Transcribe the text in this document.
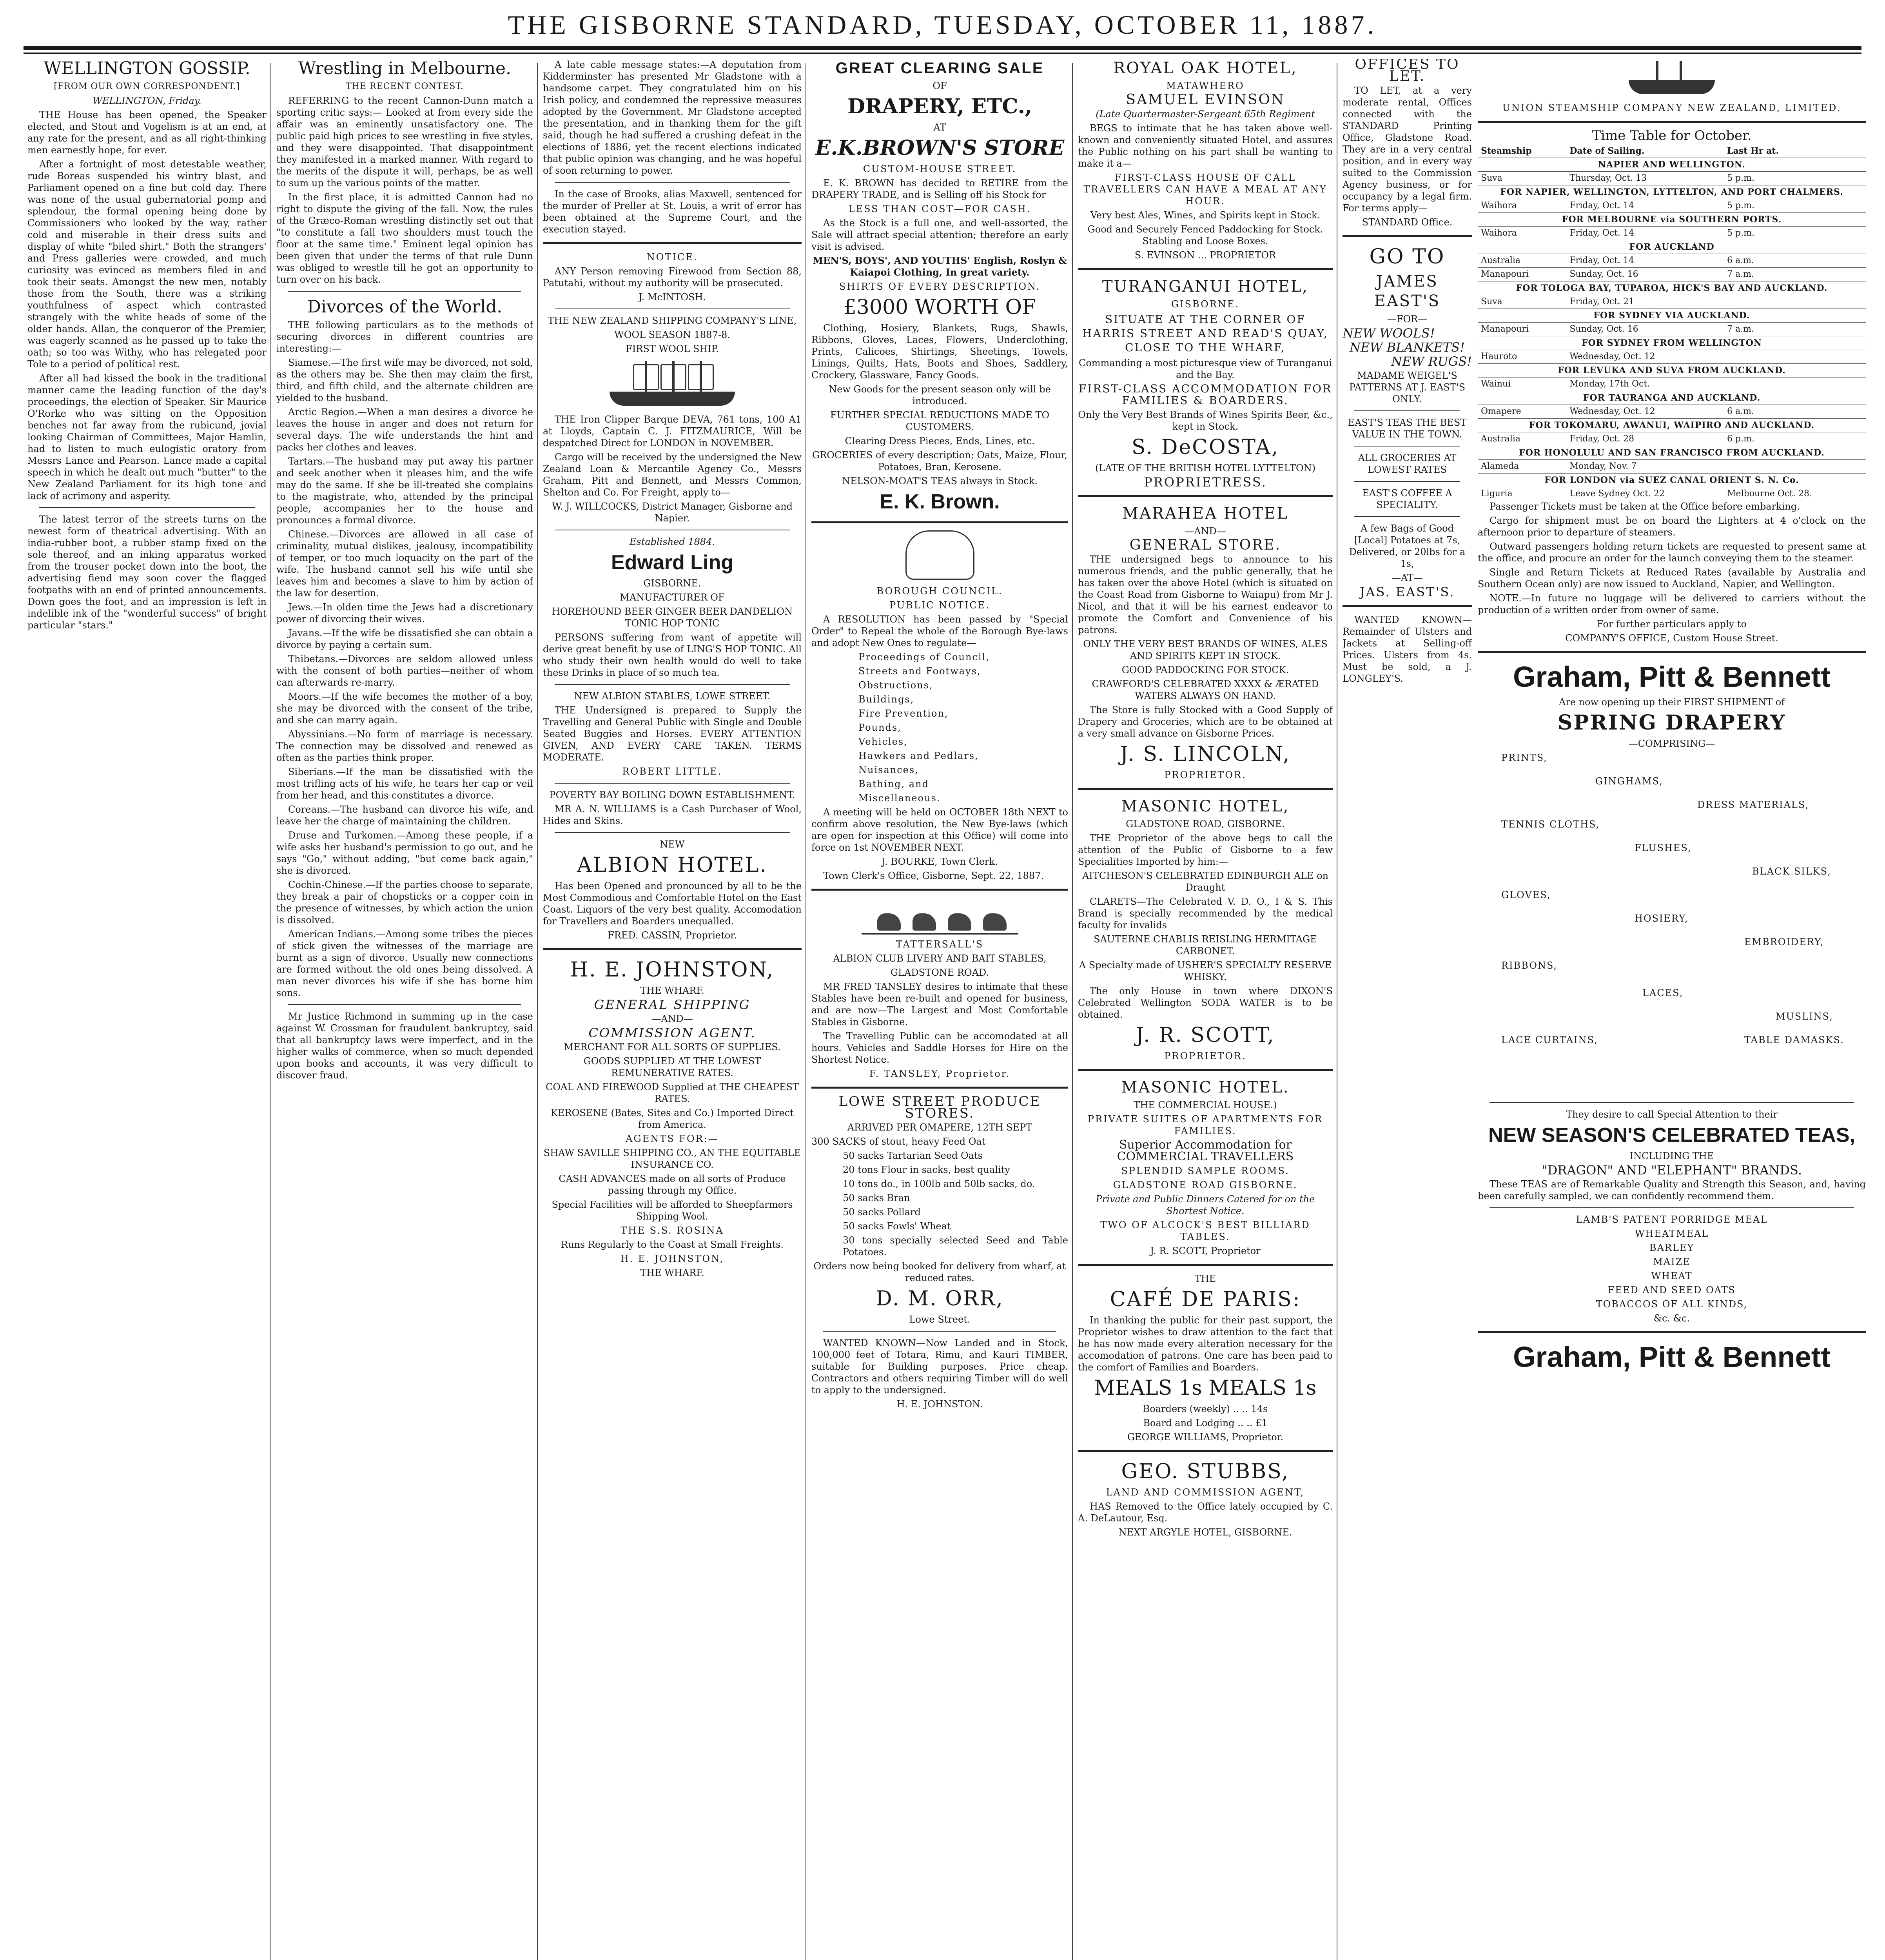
THE GISBORNE STANDARD, TUESDAY, OCTOBER 11, 1887.

WELLINGTON GOSSIP.

[FROM OUR OWN CORRESPONDENT.]

WELLINGTON, Friday.

THE House has been opened, the Speaker elected, and Stout and Vogelism is at an end, at any rate for the present, and as all right-thinking men earnestly hope, for ever.

After a fortnight of most detestable weather, rude Boreas suspended his wintry blast, and Parliament opened on a fine but cold day. There was none of the usual gubernatorial pomp and splendour, the formal opening being done by Commissioners who looked by the way, rather cold and miserable in their dress suits and display of white "biled shirt." Both the strangers' and Press galleries were crowded, and much curiosity was evinced as members filed in and took their seats. Amongst the new men, notably those from the South, there was a striking youthfulness of aspect which contrasted strangely with the white heads of some of the older hands. Allan, the conqueror of the Premier, was eagerly scanned as he passed up to take the oath; so too was Withy, who has relegated poor Tole to a period of political rest.

After all had kissed the book in the traditional manner came the leading function of the day's proceedings, the election of Speaker. Sir Maurice O'Rorke who was sitting on the Opposition benches not far away from the rubicund, jovial looking Chairman of Committees, Major Hamlin, had to listen to much eulogistic oratory from Messrs Lance and Pearson. Lance made a capital speech in which he dealt out much "butter" to the New Zealand Parliament for its high tone and lack of acrimony and asperity.

The latest terror of the streets turns on the newest form of theatrical advertising. With an india-rubber boot, a rubber stamp fixed on the sole thereof, and an inking apparatus worked from the trouser pocket down into the boot, the advertising fiend may soon cover the flagged footpaths with an end of printed announcements. Down goes the foot, and an impression is left in indelible ink of the "wonderful success" of bright particular "stars."

Wrestling in Melbourne.

THE RECENT CONTEST.

REFERRING to the recent Cannon-Dunn match a sporting critic says:— Looked at from every side the affair was an eminently unsatisfactory one. The public paid high prices to see wrestling in five styles, and they were disappointed. That disappointment they manifested in a marked manner. With regard to the merits of the dispute it will, perhaps, be as well to sum up the various points of the matter.

In the first place, it is admitted Cannon had no right to dispute the giving of the fall. Now, the rules of the Græco-Roman wrestling distinctly set out that "to constitute a fall two shoulders must touch the floor at the same time." Eminent legal opinion has been given that under the terms of that rule Dunn was obliged to wrestle till he got an opportunity to turn over on his back.

Divorces of the World.

THE following particulars as to the methods of securing divorces in different countries are interesting:—

Siamese.—The first wife may be divorced, not sold, as the others may be. She then may claim the first, third, and fifth child, and the alternate children are yielded to the husband.

Arctic Region.—When a man desires a divorce he leaves the house in anger and does not return for several days. The wife understands the hint and packs her clothes and leaves.

Tartars.—The husband may put away his partner and seek another when it pleases him, and the wife may do the same. If she be ill-treated she complains to the magistrate, who, attended by the principal people, accompanies her to the house and pronounces a formal divorce.

Chinese.—Divorces are allowed in all case of criminality, mutual dislikes, jealousy, incompatibility of temper, or too much loquacity on the part of the wife. The husband cannot sell his wife until she leaves him and becomes a slave to him by action of the law for desertion.

Jews.—In olden time the Jews had a discretionary power of divorcing their wives.

Javans.—If the wife be dissatisfied she can obtain a divorce by paying a certain sum.

Thibetans.—Divorces are seldom allowed unless with the consent of both parties—neither of whom can afterwards re-marry.

Moors.—If the wife becomes the mother of a boy, she may be divorced with the consent of the tribe, and she can marry again.

Abyssinians.—No form of marriage is necessary. The connection may be dissolved and renewed as often as the parties think proper.

Siberians.—If the man be dissatisfied with the most trifling acts of his wife, he tears her cap or veil from her head, and this constitutes a divorce.

Coreans.—The husband can divorce his wife, and leave her the charge of maintaining the children.

Druse and Turkomen.—Among these people, if a wife asks her husband's permission to go out, and he says "Go," without adding, "but come back again," she is divorced.

Cochin-Chinese.—If the parties choose to separate, they break a pair of chopsticks or a copper coin in the presence of witnesses, by which action the union is dissolved.

American Indians.—Among some tribes the pieces of stick given the witnesses of the marriage are burnt as a sign of divorce. Usually new connections are formed without the old ones being dissolved. A man never divorces his wife if she has borne him sons.

Mr Justice Richmond in summing up in the case against W. Crossman for fraudulent bankruptcy, said that all bankruptcy laws were imperfect, and in the higher walks of commerce, when so much depended upon books and accounts, it was very difficult to discover fraud.

A late cable message states:—A deputation from Kidderminster has presented Mr Gladstone with a handsome carpet. They congratulated him on his Irish policy, and condemned the repressive measures adopted by the Government. Mr Gladstone accepted the presentation, and in thanking them for the gift said, though he had suffered a crushing defeat in the elections of 1886, yet the recent elections indicated that public opinion was changing, and he was hopeful of soon returning to power.

In the case of Brooks, alias Maxwell, sentenced for the murder of Preller at St. Louis, a writ of error has been obtained at the Supreme Court, and the execution stayed.

NOTICE.

ANY Person removing Firewood from Section 88, Patutahi, without my authority will be prosecuted.

J. McINTOSH.

THE NEW ZEALAND SHIPPING COMPANY'S LINE,

WOOL SEASON 1887-8.

FIRST WOOL SHIP.

THE Iron Clipper Barque DEVA, 761 tons, 100 A1 at Lloyds, Captain C. J. FITZMAURICE, Will be despatched Direct for LONDON in NOVEMBER.

Cargo will be received by the undersigned the New Zealand Loan & Mercantile Agency Co., Messrs Graham, Pitt and Bennett, and Messrs Common, Shelton and Co. For Freight, apply to—

W. J. WILLCOCKS, District Manager, Gisborne and Napier.

Established 1884.

Edward Ling

GISBORNE.

MANUFACTURER OF

HOREHOUND BEER GINGER BEER DANDELION TONIC HOP TONIC

PERSONS suffering from want of appetite will derive great benefit by use of LING'S HOP TONIC. All who study their own health would do well to take these Drinks in place of so much tea.

NEW ALBION STABLES, LOWE STREET.

THE Undersigned is prepared to Supply the Travelling and General Public with Single and Double Seated Buggies and Horses. EVERY ATTENTION GIVEN, AND EVERY CARE TAKEN. TERMS MODERATE.

ROBERT LITTLE.

POVERTY BAY BOILING DOWN ESTABLISHMENT.

MR A. N. WILLIAMS is a Cash Purchaser of Wool, Hides and Skins.

NEW

ALBION HOTEL.

Has been Opened and pronounced by all to be the Most Commodious and Comfortable Hotel on the East Coast. Liquors of the very best quality. Accomodation for Travellers and Boarders unequalled.

FRED. CASSIN, Proprietor.

H. E. JOHNSTON,

THE WHARF.

GENERAL SHIPPING

—AND—

COMMISSION AGENT.

MERCHANT FOR ALL SORTS OF SUPPLIES.

GOODS SUPPLIED AT THE LOWEST REMUNERATIVE RATES.

COAL AND FIREWOOD Supplied at THE CHEAPEST RATES.

KEROSENE (Bates, Sites and Co.) Imported Direct from America.

AGENTS FOR:—

SHAW SAVILLE SHIPPING CO., AN THE EQUITABLE INSURANCE CO.

CASH ADVANCES made on all sorts of Produce passing through my Office.

Special Facilities will be afforded to Sheepfarmers Shipping Wool.

THE S.S. ROSINA

Runs Regularly to the Coast at Small Freights.

H. E. JOHNSTON,

THE WHARF.

GREAT CLEARING SALE

OF

DRAPERY, ETC.,

AT

E.K.BROWN'S STORE

CUSTOM-HOUSE STREET.

E. K. BROWN has decided to RETIRE from the DRAPERY TRADE, and is Selling off his Stock for

LESS THAN COST—FOR CASH.

As the Stock is a full one, and well-assorted, the Sale will attract special attention; therefore an early visit is advised.

MEN'S, BOYS', AND YOUTHS' English, Roslyn & Kaiapoi Clothing, In great variety.

SHIRTS OF EVERY DESCRIPTION.

£3000 WORTH OF

Clothing, Hosiery, Blankets, Rugs, Shawls, Ribbons, Gloves, Laces, Flowers, Underclothing, Prints, Calicoes, Shirtings, Sheetings, Towels, Linings, Quilts, Hats, Boots and Shoes, Saddlery, Crockery, Glassware, Fancy Goods.

New Goods for the present season only will be introduced.

FURTHER SPECIAL REDUCTIONS MADE TO CUSTOMERS.

Clearing Dress Pieces, Ends, Lines, etc.

GROCERIES of every description; Oats, Maize, Flour, Potatoes, Bran, Kerosene.

NELSON-MOAT'S TEAS always in Stock.

E. K. Brown.

BOROUGH COUNCIL.

PUBLIC NOTICE.

A RESOLUTION has been passed by "Special Order" to Repeal the whole of the Borough Bye-laws and adopt New Ones to regulate—

Proceedings of Council,

Streets and Footways,

Obstructions,

Buildings,

Fire Prevention,

Pounds,

Vehicles,

Hawkers and Pedlars,

Nuisances,

Bathing, and

Miscellaneous.

A meeting will be held on OCTOBER 18th NEXT to confirm above resolution, the New Bye-laws (which are open for inspection at this Office) will come into force on 1st NOVEMBER NEXT.

J. BOURKE, Town Clerk.

Town Clerk's Office, Gisborne, Sept. 22, 1887.

TATTERSALL'S

ALBION CLUB LIVERY AND BAIT STABLES,

GLADSTONE ROAD.

MR FRED TANSLEY desires to intimate that these Stables have been re-built and opened for business, and are now—The Largest and Most Comfortable Stables in Gisborne.

The Travelling Public can be accomodated at all hours. Vehicles and Saddle Horses for Hire on the Shortest Notice.

F. TANSLEY, Proprietor.

LOWE STREET PRODUCE STORES.

ARRIVED PER OMAPERE, 12TH SEPT

300 SACKS of stout, heavy Feed Oat

50 sacks Tartarian Seed Oats

20 tons Flour in sacks, best quality

10 tons do., in 100lb and 50lb sacks, do.

50 sacks Bran

50 sacks Pollard

50 sacks Fowls' Wheat

30 tons specially selected Seed and Table Potatoes.

Orders now being booked for delivery from wharf, at reduced rates.

D. M. ORR,

Lowe Street.

WANTED KNOWN—Now Landed and in Stock, 100,000 feet of Totara, Rimu, and Kauri TIMBER, suitable for Building purposes. Price cheap. Contractors and others requiring Timber will do well to apply to the undersigned.

H. E. JOHNSTON.

ROYAL OAK HOTEL,

MATAWHERO

SAMUEL EVINSON

(Late Quartermaster-Sergeant 65th Regiment

BEGS to intimate that he has taken above well-known and conveniently situated Hotel, and assures the Public nothing on his part shall be wanting to make it a—

FIRST-CLASS HOUSE OF CALL TRAVELLERS CAN HAVE A MEAL AT ANY HOUR.

Very best Ales, Wines, and Spirits kept in Stock.

Good and Securely Fenced Paddocking for Stock. Stabling and Loose Boxes.

S. EVINSON ... PROPRIETOR

TURANGANUI HOTEL,

GISBORNE.

SITUATE AT THE CORNER OF HARRIS STREET AND READ'S QUAY, CLOSE TO THE WHARF,

Commanding a most picturesque view of Turanganui and the Bay.

FIRST-CLASS ACCOMMODATION FOR FAMILIES & BOARDERS.

Only the Very Best Brands of Wines Spirits Beer, &c., kept in Stock.

S. DeCOSTA,

(LATE OF THE BRITISH HOTEL LYTTELTON)

PROPRIETRESS.

MARAHEA HOTEL

—AND—

GENERAL STORE.

THE undersigned begs to announce to his numerous friends, and the public generally, that he has taken over the above Hotel (which is situated on the Coast Road from Gisborne to Waiapu) from Mr J. Nicol, and that it will be his earnest endeavor to promote the Comfort and Convenience of his patrons.

ONLY THE VERY BEST BRANDS OF WINES, ALES AND SPIRITS KEPT IN STOCK.

GOOD PADDOCKING FOR STOCK.

CRAWFORD'S CELEBRATED XXXX & ÆRATED WATERS ALWAYS ON HAND.

The Store is fully Stocked with a Good Supply of Drapery and Groceries, which are to be obtained at a very small advance on Gisborne Prices.

J. S. LINCOLN,

PROPRIETOR.

MASONIC HOTEL,

GLADSTONE ROAD, GISBORNE.

THE Proprietor of the above begs to call the attention of the Public of Gisborne to a few Specialities Imported by him:—

AITCHESON'S CELEBRATED EDINBURGH ALE on Draught

CLARETS—The Celebrated V. D. O., I & S. This Brand is specially recommended by the medical faculty for invalids

SAUTERNE CHABLIS REISLING HERMITAGE CARBONET.

A Specialty made of USHER'S SPECIALTY RESERVE WHISKY.

The only House in town where DIXON'S Celebrated Wellington SODA WATER is to be obtained.

J. R. SCOTT,

PROPRIETOR.

MASONIC HOTEL.

THE COMMERCIAL HOUSE.)

PRIVATE SUITES OF APARTMENTS FOR FAMILIES.

Superior Accommodation for COMMERCIAL TRAVELLERS

SPLENDID SAMPLE ROOMS.

GLADSTONE ROAD GISBORNE.

Private and Public Dinners Catered for on the Shortest Notice.

TWO OF ALCOCK'S BEST BILLIARD TABLES.

J. R. SCOTT, Proprietor

THE

CAFÉ DE PARIS:

In thanking the public for their past support, the Proprietor wishes to draw attention to the fact that he has now made every alteration necessary for the accomodation of patrons. One care has been paid to the comfort of Families and Boarders.

MEALS 1s MEALS 1s

Boarders (weekly) .. .. 14s

Board and Lodging .. .. £1

GEORGE WILLIAMS, Proprietor.

GEO. STUBBS,

LAND AND COMMISSION AGENT,

HAS Removed to the Office lately occupied by C. A. DeLautour, Esq.

NEXT ARGYLE HOTEL, GISBORNE.

OFFICES TO LET.

TO LET, at a very moderate rental, Offices connected with the STANDARD Printing Office, Gladstone Road. They are in a very central position, and in every way suited to the Commission Agency business, or for occupancy by a legal firm. For terms apply—

STANDARD Office.

GO TO

JAMES EAST'S

—FOR—

NEW WOOLS!

NEW BLANKETS!

NEW RUGS!

MADAME WEIGEL'S PATTERNS AT J. EAST'S ONLY.

EAST'S TEAS THE BEST VALUE IN THE TOWN.

ALL GROCERIES AT LOWEST RATES

EAST'S COFFEE A SPECIALITY.

A few Bags of Good [Local] Potatoes at 7s, Delivered, or 20lbs for a 1s,

—AT—

JAS. EAST'S.

WANTED KNOWN—Remainder of Ulsters and Jackets at Selling-off Prices. Ulsters from 4s. Must be sold, a J. LONGLEY'S.

UNION STEAMSHIP COMPANY NEW ZEALAND, LIMITED.

Time Table for October.

Steamship	Date of Sailing.	Last Hr at.
NAPIER AND WELLINGTON.		
Suva	Thursday, Oct. 13	5 p.m.
FOR NAPIER, WELLINGTON, LYTTELTON, AND PORT CHALMERS.		
Waihora	Friday, Oct. 14	5 p.m.
FOR MELBOURNE via SOUTHERN PORTS.		
Waihora	Friday, Oct. 14	5 p.m.
FOR AUCKLAND		
Australia	Friday, Oct. 14	6 a.m.
Manapouri	Sunday, Oct. 16	7 a.m.
FOR TOLOGA BAY, TUPAROA, HICK'S BAY AND AUCKLAND.		
Suva	Friday, Oct. 21	
FOR SYDNEY VIA AUCKLAND.		
Manapouri	Sunday, Oct. 16	7 a.m.
FOR SYDNEY FROM WELLINGTON		
Hauroto	Wednesday, Oct. 12	
FOR LEVUKA AND SUVA FROM AUCKLAND.		
Wainui	Monday, 17th Oct.	
FOR TAURANGA AND AUCKLAND.		
Omapere	Wednesday, Oct. 12	6 a.m.
FOR TOKOMARU, AWANUI, WAIPIRO AND AUCKLAND.		
Australia	Friday, Oct. 28	6 p.m.
FOR HONOLULU AND SAN FRANCISCO FROM AUCKLAND.		
Alameda	Monday, Nov. 7	
FOR LONDON via SUEZ CANAL ORIENT S. N. Co.		
Liguria	Leave Sydney Oct. 22	Melbourne Oct. 28.

Passenger Tickets must be taken at the Office before embarking.

Cargo for shipment must be on board the Lighters at 4 o'clock on the afternoon prior to departure of steamers.

Outward passengers holding return tickets are requested to present same at the office, and procure an order for the launch conveying them to the steamer.

Single and Return Tickets at Reduced Rates (available by Australia and Southern Ocean only) are now issued to Auckland, Napier, and Wellington.

NOTE.—In future no luggage will be delivered to carriers without the production of a written order from owner of same.

For further particulars apply to

COMPANY'S OFFICE, Custom House Street.

Graham, Pitt & Bennett

Are now opening up their FIRST SHIPMENT of

SPRING DRAPERY

—COMPRISING—

PRINTS,

GINGHAMS,

DRESS MATERIALS,

TENNIS CLOTHS,

FLUSHES,

BLACK SILKS,

GLOVES,

HOSIERY,

EMBROIDERY,

RIBBONS,

LACES,

MUSLINS,

LACE CURTAINS,	TABLE DAMASKS.

They desire to call Special Attention to their

NEW SEASON'S CELEBRATED TEAS,

INCLUDING THE

"DRAGON" AND "ELEPHANT" BRANDS.

These TEAS are of Remarkable Quality and Strength this Season, and, having been carefully sampled, we can confidently recommend them.

LAMB'S PATENT PORRIDGE MEAL

WHEATMEAL

BARLEY

MAIZE

WHEAT

FEED AND SEED OATS

TOBACCOS OF ALL KINDS,

&c. &c.

Graham, Pitt & Bennett
